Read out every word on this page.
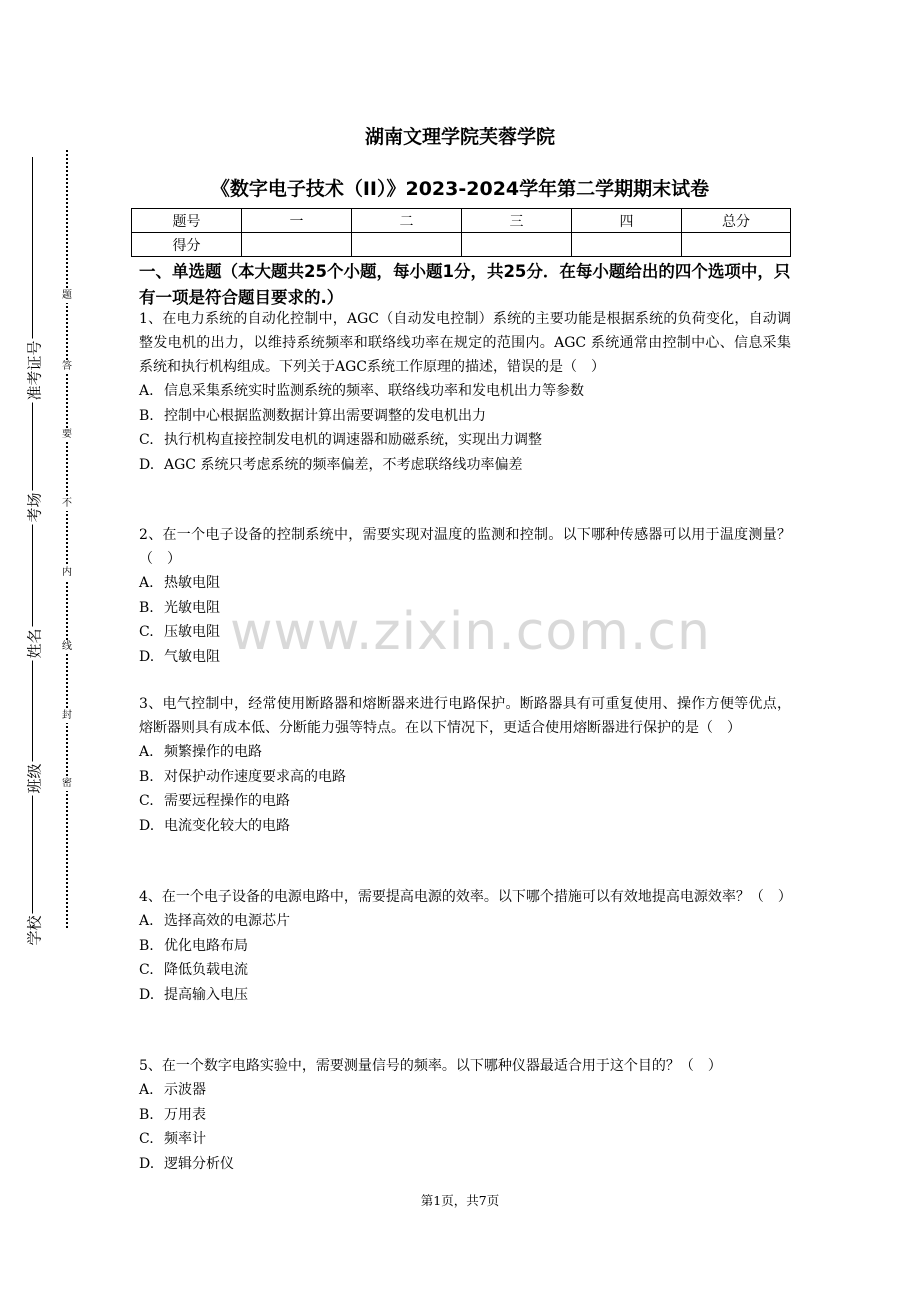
准考证号
考场
姓名
班级
学校
题
答
要
不
内
线
封
密
湖南文理学院芙蓉学院
《数字电子技术（II）》2023-2024学年第二学期期末试卷
题号	一	二	三	四	总分
得分					
一、单选题（本大题共25个小题，每小题1分，共25分．在每小题给出的四个选项中，只有一项是符合题目要求的.）
1、在电力系统的自动化控制中，AGC（自动发电控制）系统的主要功能是根据系统的负荷变化，自动调整发电机的出力，以维持系统频率和联络线功率在规定的范围内。AGC 系统通常由控制中心、信息采集系统和执行机构组成。下列关于AGC系统工作原理的描述，错误的是（　）
A. 信息采集系统实时监测系统的频率、联络线功率和发电机出力等参数
B. 控制中心根据监测数据计算出需要调整的发电机出力
C. 执行机构直接控制发电机的调速器和励磁系统，实现出力调整
D. AGC 系统只考虑系统的频率偏差，不考虑联络线功率偏差
2、在一个电子设备的控制系统中，需要实现对温度的监测和控制。以下哪种传感器可以用于温度测量？（　）
A. 热敏电阻
B. 光敏电阻
C. 压敏电阻
D. 气敏电阻
3、电气控制中，经常使用断路器和熔断器来进行电路保护。断路器具有可重复使用、操作方便等优点，熔断器则具有成本低、分断能力强等特点。在以下情况下，更适合使用熔断器进行保护的是（　）
A. 频繁操作的电路
B. 对保护动作速度要求高的电路
C. 需要远程操作的电路
D. 电流变化较大的电路
4、在一个电子设备的电源电路中，需要提高电源的效率。以下哪个措施可以有效地提高电源效率？（　）
A. 选择高效的电源芯片
B. 优化电路布局
C. 降低负载电流
D. 提高输入电压
5、在一个数字电路实验中，需要测量信号的频率。以下哪种仪器最适合用于这个目的？（　）
A. 示波器
B. 万用表
C. 频率计
D. 逻辑分析仪
www.zixin.com.cn
第1页，共7页
